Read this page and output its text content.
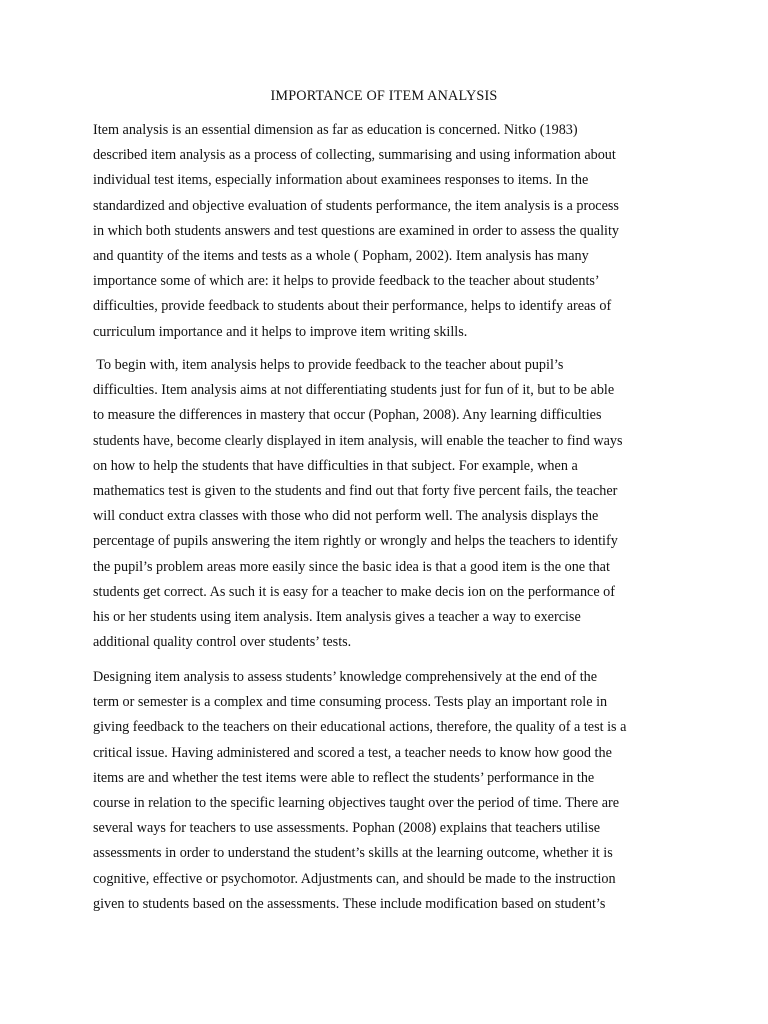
IMPORTANCE OF ITEM ANALYSIS
Item analysis is an essential dimension as far as education is concerned. Nitko (1983)
described item analysis as a process of collecting, summarising and using information about
individual test items, especially information about examinees responses to items. In the
standardized and objective evaluation of students performance, the item analysis is a process
in which both students answers and test questions are examined in order to assess the quality
and quantity of the items and tests as a whole ( Popham, 2002). Item analysis has many
importance some of which are: it helps to provide feedback to the teacher about students’
difficulties, provide feedback to students about their performance, helps to identify areas of
curriculum importance and it helps to improve item writing skills.
To begin with, item analysis helps to provide feedback to the teacher about pupil’s
difficulties. Item analysis aims at not differentiating students just for fun of it, but to be able
to measure the differences in mastery that occur (Pophan, 2008). Any learning difficulties
students have, become clearly displayed in item analysis, will enable the teacher to find ways
on how to help the students that have difficulties in that subject. For example, when a
mathematics test is given to the students and find out that forty five percent fails, the teacher
will conduct extra classes with those who did not perform well. The analysis displays the
percentage of pupils answering the item rightly or wrongly and helps the teachers to identify
the pupil’s problem areas more easily since the basic idea is that a good item is the one that
students get correct. As such it is easy for a teacher to make decis ion on the performance of
his or her students using item analysis. Item analysis gives a teacher a way to exercise
additional quality control over students’ tests.
Designing item analysis to assess students’ knowledge comprehensively at the end of the
term or semester is a complex and time consuming process. Tests play an important role in
giving feedback to the teachers on their educational actions, therefore, the quality of a test is a
critical issue. Having administered and scored a test, a teacher needs to know how good the
items are and whether the test items were able to reflect the students’ performance in the
course in relation to the specific learning objectives taught over the period of time. There are
several ways for teachers to use assessments. Pophan (2008) explains that teachers utilise
assessments in order to understand the student’s skills at the learning outcome, whether it is
cognitive, effective or psychomotor. Adjustments can, and should be made to the instruction
given to students based on the assessments. These include modification based on student’s
